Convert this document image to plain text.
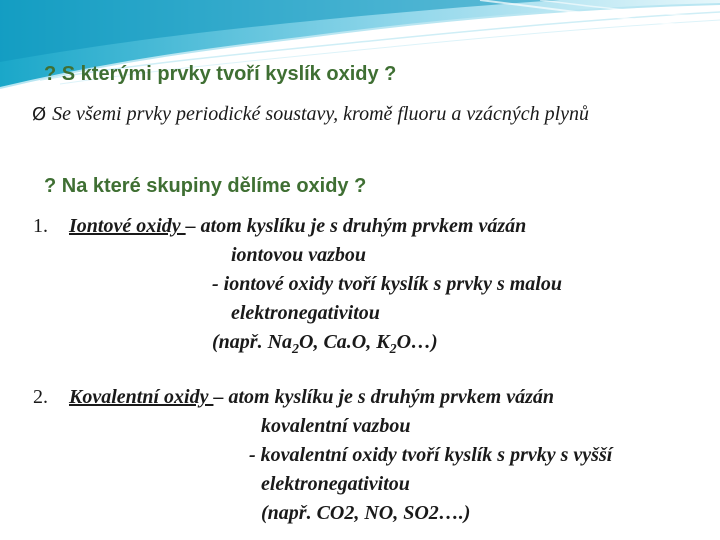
? S kterými prvky tvoří kyslík oxidy ?
Ø Se všemi prvky periodické soustavy, kromě fluoru a vzácných plynů
? Na které skupiny dělíme oxidy ?
1. Iontové oxidy – atom kyslíku je s druhým prvkem vázán
iontovou vazbou
- iontové oxidy tvoří kyslík s prvky s malou
elektronegativitou
(např. $Na_2O$, Ca.O, $K_2O\dots$)
2. Kovalentní oxidy – atom kyslíku je s druhým prvkem vázán
kovalentní vazbou
- kovalentní oxidy tvoří kyslík s prvky s vyšší
elektronegativitou
(např. CO2, NO, SO2….)
